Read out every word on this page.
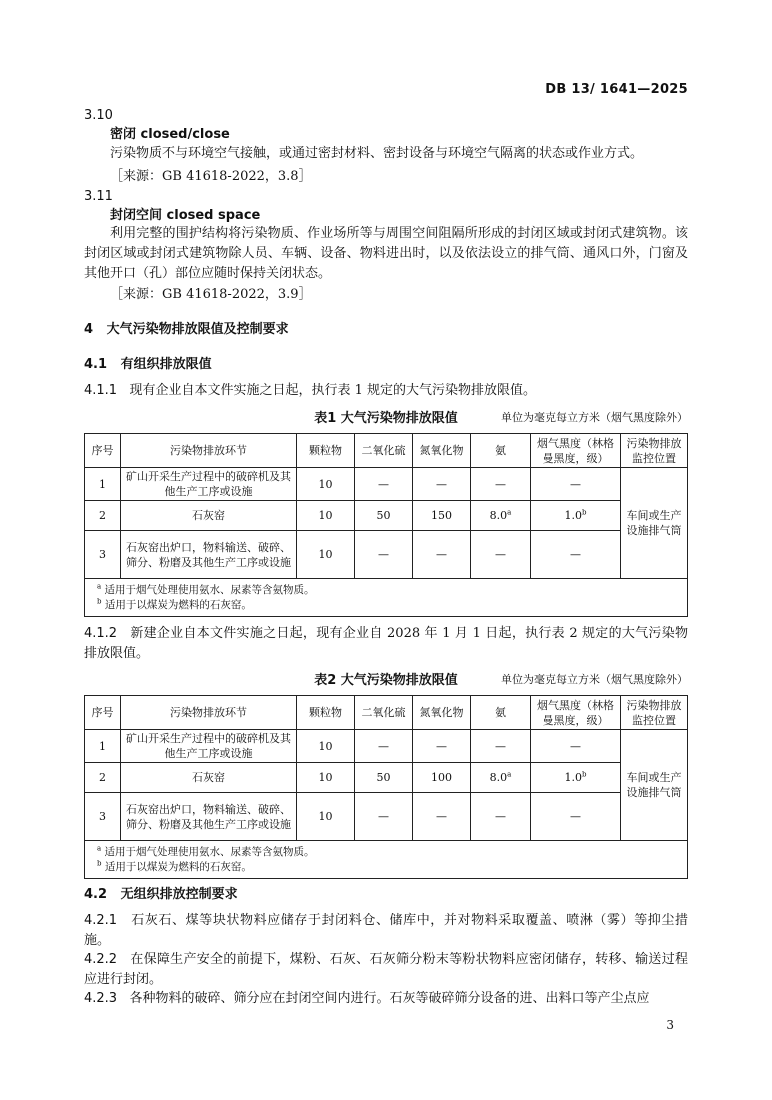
DB 13/ 1641—2025
3.10
密闭 closed/close
污染物质不与环境空气接触，或通过密封材料、密封设备与环境空气隔离的状态或作业方式。
［来源：GB 41618-2022，3.8］
3.11
封闭空间 closed space
利用完整的围护结构将污染物质、作业场所等与周围空间阻隔所形成的封闭区域或封闭式建筑物。该封闭区域或封闭式建筑物除人员、车辆、设备、物料进出时，以及依法设立的排气筒、通风口外，门窗及其他开口（孔）部位应随时保持关闭状态。
［来源：GB 41618-2022，3.9］
4 大气污染物排放限值及控制要求
4.1 有组织排放限值
4.1.1 现有企业自本文件实施之日起，执行表 1 规定的大气污染物排放限值。
表1 大气污染物排放限值	单位为毫克每立方米（烟气黑度除外）
序号	污染物排放环节	颗粒物	二氧化硫	氮氧化物	氨	烟气黑度（林格曼黑度，级）	污染物排放监控位置
1	矿山开采生产过程中的破碎机及其他生产工序或设施	10	—	—	—	—	车间或生产设施排气筒
2	石灰窑	10	50	150	8.0$^a$	1.0$^b$
3	石灰窑出炉口，物料输送、破碎、筛分、粉磨及其他生产工序或设施	10	—	—	—	—	

$^a$ 适用于烟气处理使用氨水、尿素等含氨物质。
$^b$ 适用于以煤炭为燃料的石灰窑。							
4.1.2 新建企业自本文件实施之日起，现有企业自 2028 年 1 月 1 日起，执行表 2 规定的大气污染物排放限值。
表2 大气污染物排放限值	单位为毫克每立方米（烟气黑度除外）
序号	污染物排放环节	颗粒物	二氧化硫	氮氧化物	氨	烟气黑度（林格曼黑度，级）	污染物排放监控位置
1	矿山开采生产过程中的破碎机及其他生产工序或设施	10	—	—	—	—	车间或生产设施排气筒
2	石灰窑	10	50	100	8.0$^a$	1.0$^b$
3	石灰窑出炉口，物料输送、破碎、筛分、粉磨及其他生产工序或设施	10	—	—	—	—	

$^a$ 适用于烟气处理使用氨水、尿素等含氨物质。
$^b$ 适用于以煤炭为燃料的石灰窑。							
4.2 无组织排放控制要求
4.2.1 石灰石、煤等块状物料应储存于封闭料仓、储库中，并对物料采取覆盖、喷淋（雾）等抑尘措施。
4.2.2 在保障生产安全的前提下，煤粉、石灰、石灰筛分粉末等粉状物料应密闭储存，转移、输送过程应进行封闭。
4.2.3 各种物料的破碎、筛分应在封闭空间内进行。石灰等破碎筛分设备的进、出料口等产尘点应
3
